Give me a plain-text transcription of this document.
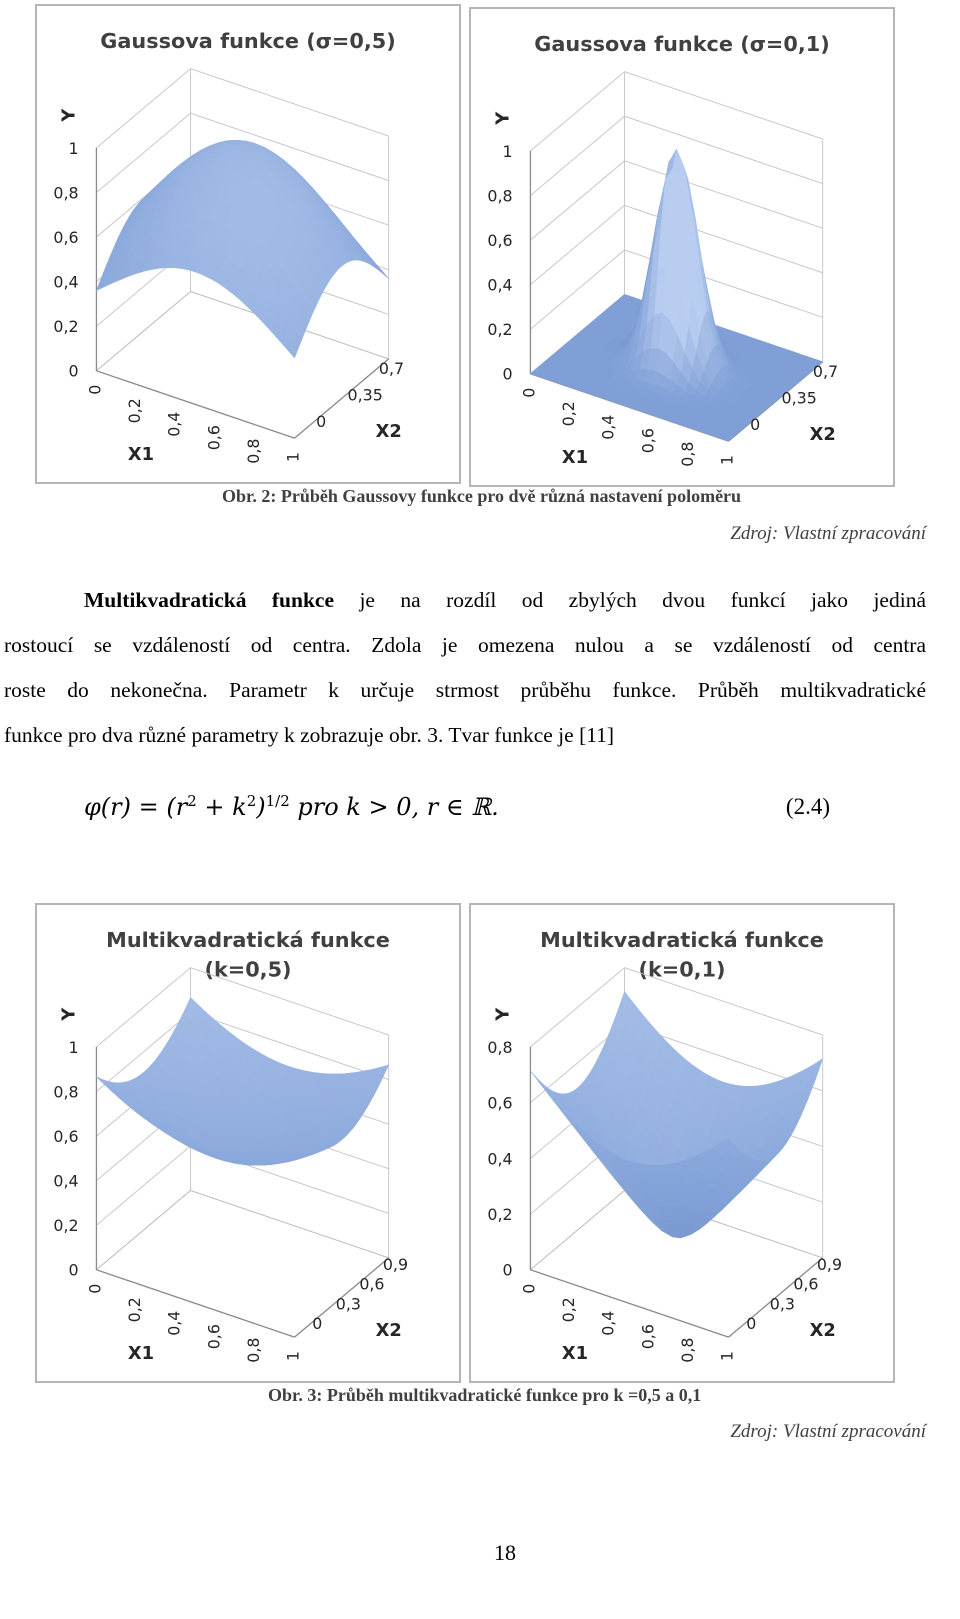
Gaussova funkce (σ=0,5)
0
0,2
0,4
0,6
0,8
1
0
0,2
0,4
0,6
0,8 1
0
0,35
0,7
Y
X1
X2
Gaussova funkce (σ=0,1)
0
0,2
0,4
0,6
0,8
1
0
0,2
0,4
0,6
0,8 1
0
0,35
0,7
Y
X1
X2
Obr. 2: Průběh Gaussovy funkce pro dvě různá nastavení poloměru
Zdroj: Vlastní zpracování
Multikvadratická funkce je na rozdíl od zbylých dvou funkcí jako jediná
rostoucí se vzdáleností od centra. Zdola je omezena nulou a se vzdáleností od centra
roste do nekonečna. Parametr k určuje strmost průběhu funkce. Průběh multikvadratické
funkce pro dva různé parametry k zobrazuje obr. 3. Tvar funkce je [11]
$\varphi(r) = (r^2 + k^2)^{1/2}$ pro k > 0, r ∈ ℝ.	(2.4)
Multikvadratická funkce
(k=0,5)
0
0,2
0,4
0,6
0,8
1
0
0,2
0,4
0,6
0,8 1
0
0,3
0,6
0,9
Y
X1
X2
Multikvadratická funkce
(k=0,1)
0
0,2
0,4
0,6
0,8
0
0,2
0,4
0,6
0,8 1
0
0,3
0,6
0,9
Y
X1
X2
Obr. 3: Průběh multikvadratické funkce pro k =0,5 a 0,1
Zdroj: Vlastní zpracování
18
